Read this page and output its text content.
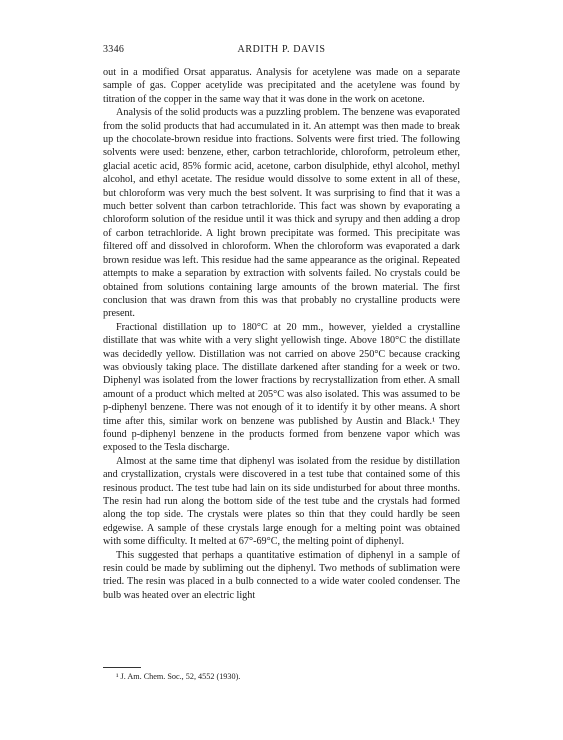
3346	ARDITH P. DAVIS

out in a modified Orsat apparatus. Analysis for acetylene was made on a separate sample of gas. Copper acetylide was precipitated and the acetylene was found by titration of the copper in the same way that it was done in the work on acetone.

Analysis of the solid products was a puzzling problem. The benzene was evaporated from the solid products that had accumulated in it. An attempt was then made to break up the chocolate-brown residue into fractions. Solvents were first tried. The following solvents were used: benzene, ether, carbon tetrachloride, chloroform, petroleum ether, glacial acetic acid, 85% formic acid, acetone, carbon disulphide, ethyl alcohol, methyl alcohol, and ethyl acetate. The residue would dissolve to some extent in all of these, but chloroform was very much the best solvent. It was surprising to find that it was a much better solvent than carbon tetrachloride. This fact was shown by evaporating a chloroform solution of the residue until it was thick and syrupy and then adding a drop of carbon tetrachloride. A light brown precipitate was formed. This precipitate was filtered off and dissolved in chloroform. When the chloroform was evaporated a dark brown residue was left. This residue had the same appearance as the original. Repeated attempts to make a separation by extraction with solvents failed. No crystals could be obtained from solutions containing large amounts of the brown material. The first conclusion that was drawn from this was that probably no crystalline products were present.

Fractional distillation up to 180°C at 20 mm., however, yielded a crystalline distillate that was white with a very slight yellowish tinge. Above 180°C the distillate was decidedly yellow. Distillation was not carried on above 250°C because cracking was obviously taking place. The distillate darkened after standing for a week or two. Diphenyl was isolated from the lower fractions by recrystallization from ether. A small amount of a product which melted at 205°C was also isolated. This was assumed to be p-diphenyl benzene. There was not enough of it to identify it by other means. A short time after this, similar work on benzene was published by Austin and Black.¹ They found p-diphenyl benzene in the products formed from benzene vapor which was exposed to the Tesla discharge.

Almost at the same time that diphenyl was isolated from the residue by distillation and crystallization, crystals were discovered in a test tube that contained some of this resinous product. The test tube had lain on its side undisturbed for about three months. The resin had run along the bottom side of the test tube and the crystals had formed along the top side. The crystals were plates so thin that they could hardly be seen edgewise. A sample of these crystals large enough for a melting point was obtained with some difficulty. It melted at 67°-69°C, the melting point of diphenyl.

This suggested that perhaps a quantitative estimation of diphenyl in a sample of resin could be made by subliming out the diphenyl. Two methods of sublimation were tried. The resin was placed in a bulb connected to a wide water cooled condenser. The bulb was heated over an electric light

¹ J. Am. Chem. Soc., 52, 4552 (1930).
